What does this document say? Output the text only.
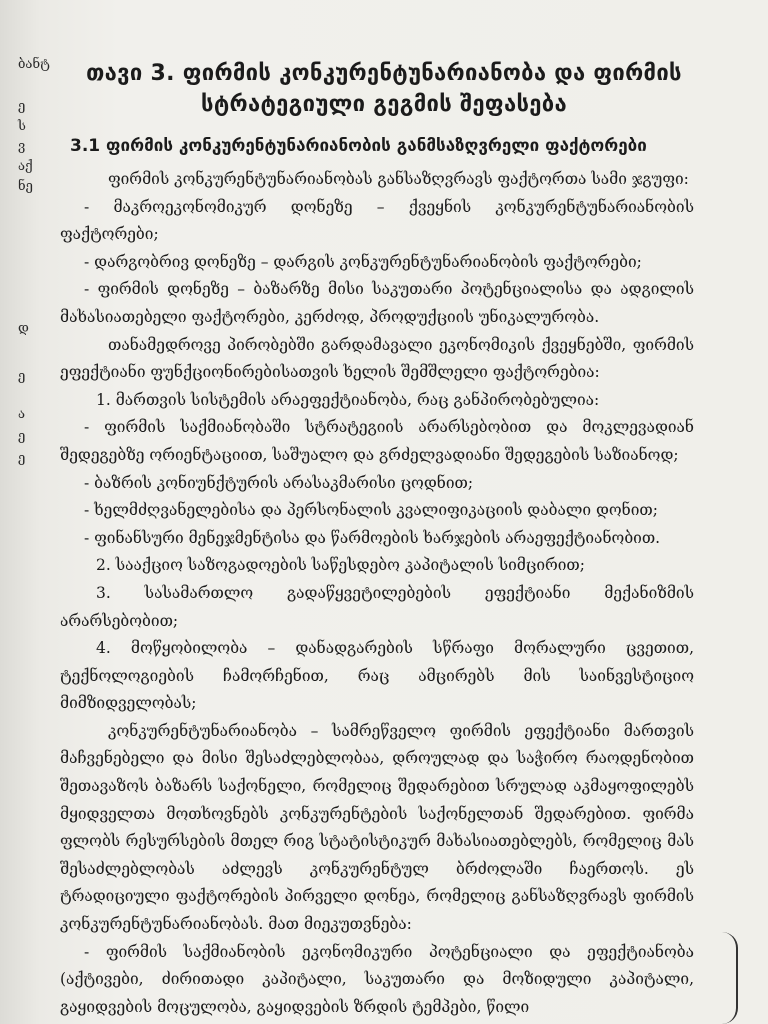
ბანტ
ე
ს
ვ
აქ
ნე
დ
ე
ა
ე
ე

თავი 3. ფირმის კონკურენტუნარიანობა და ფირმის
სტრატეგიული გეგმის შეფასება

3.1 ფირმის კონკურენტუნარიანობის განმსაზღვრელი ფაქტორები

ფირმის კონკურენტუნარიანობას განსაზღვრავს ფაქტორთა სამი ჯგუფი:

- მაკროეკონომიკურ დონეზე – ქვეყნის კონკურენტუნარიანობის ფაქტორები;

- დარგობრივ დონეზე – დარგის კონკურენტუნარიანობის ფაქტორები;

- ფირმის დონეზე – ბაზარზე მისი საკუთარი პოტენციალისა და ადგილის მახასიათებელი ფაქტორები, კერძოდ, პროდუქციის უნიკალურობა.

თანამედროვე პირობებში გარდამავალი ეკონომიკის ქვეყნებში, ფირმის ეფექტიანი ფუნქციონირებისათვის ხელის შემშლელი ფაქტორებია:

1. მართვის სისტემის არაეფექტიანობა, რაც განპირობებულია:

- ფირმის საქმიანობაში სტრატეგიის არარსებობით და მოკლევადიან შედეგებზე ორიენტაციით, საშუალო და გრძელვადიანი შედეგების საზიანოდ;

- ბაზრის კონიუნქტურის არასაკმარისი ცოდნით;

- ხელმძღვანელებისა და პერსონალის კვალიფიკაციის დაბალი დონით;

- ფინანსური მენეჯმენტისა და წარმოების ხარჯების არაეფექტიანობით.

2. სააქციო საზოგადოების საწესდებო კაპიტალის სიმცირით;

3. სასამართლო გადაწყვეტილებების ეფექტიანი მექანიზმის არარსებობით;

4. მოწყობილობა – დანადგარების სწრაფი მორალური ცვეთით, ტექნოლოგიების ჩამორჩენით, რაც ამცირებს მის საინვესტიციო მიმზიდველობას;

კონკურენტუნარიანობა – სამრეწველო ფირმის ეფექტიანი მართვის მაჩვენებელი და მისი შესაძლებლობაა, დროულად და საჭირო რაოდენობით შეთავაზოს ბაზარს საქონელი, რომელიც შედარებით სრულად აკმაყოფილებს მყიდველთა მოთხოვნებს კონკურენტების საქონელთან შედარებით. ფირმა ფლობს რესურსების მთელ რიგ სტატისტიკურ მახასიათებლებს, რომელიც მას შესაძლებლობას აძლევს კონკურენტულ ბრძოლაში ჩაერთოს. ეს ტრადიციული ფაქტორების პირველი დონეა, რომელიც განსაზღვრავს ფირმის კონკურენტუნარიანობას. მათ მიეკუთვნება:

- ფირმის საქმიანობის ეკონომიკური პოტენციალი და ეფექტიანობა (აქტივები, ძირითადი კაპიტალი, საკუთარი და მოზიდული კაპიტალი, გაყიდვების მოცულობა, გაყიდვების ზრდის ტემპები, წილი
